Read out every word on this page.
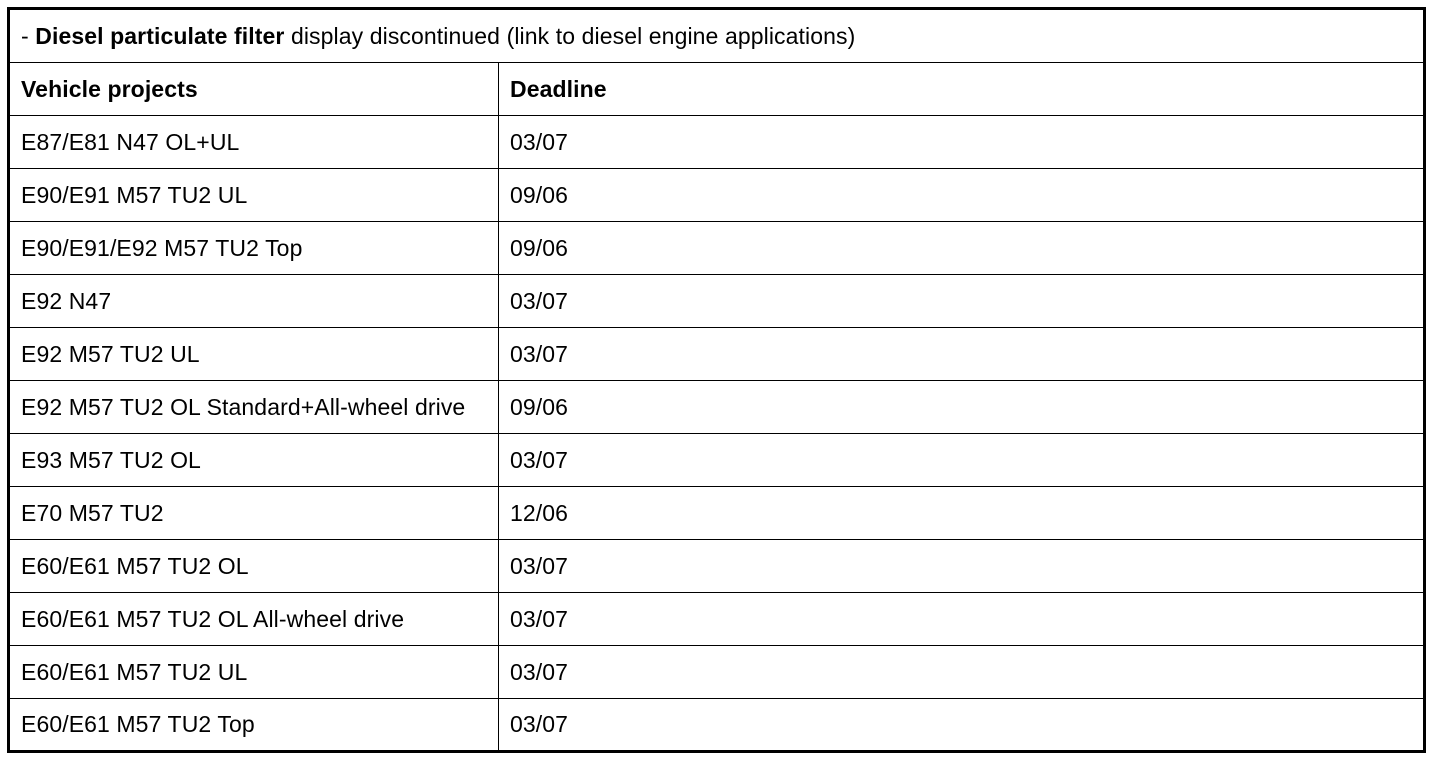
- Diesel particulate filter display discontinued (link to diesel engine applications)	
Vehicle projects	Deadline
E87/E81 N47 OL+UL	03/07
E90/E91 M57 TU2 UL	09/06
E90/E91/E92 M57 TU2 Top	09/06
E92 N47	03/07
E92 M57 TU2 UL	03/07
E92 M57 TU2 OL Standard+All-wheel drive	09/06
E93 M57 TU2 OL	03/07
E70 M57 TU2	12/06
E60/E61 M57 TU2 OL	03/07
E60/E61 M57 TU2 OL All-wheel drive	03/07
E60/E61 M57 TU2 UL	03/07
E60/E61 M57 TU2 Top	03/07
